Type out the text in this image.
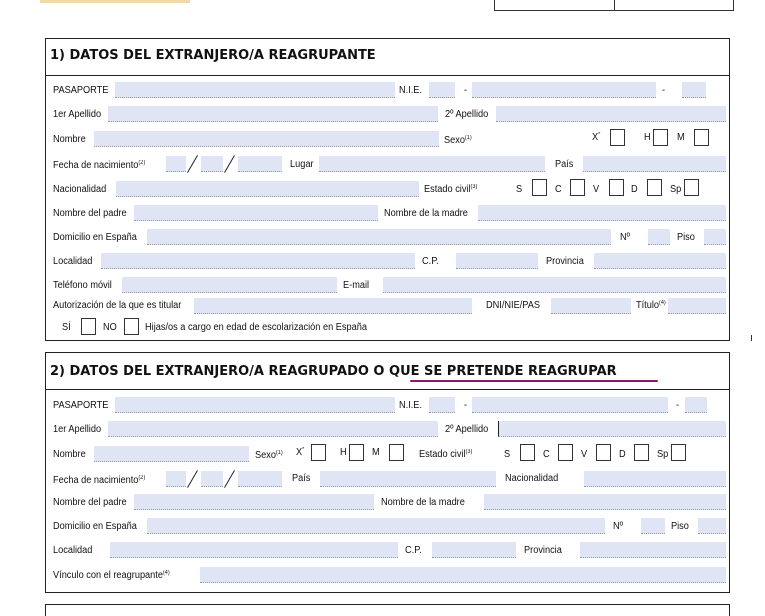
1) DATOS DEL EXTRANJERO/A REAGRUPANTE
PASAPORTE	N.I.E.	-	-
1er Apellido	2º Apellido
Nombre	Sexo$^{(1)}$	X*	H	M
Fecha de nacimiento$^{(2)}$	Lugar	País
Nacionalidad	Estado civil$^{(3)}$	S	C	V	D	Sp
Nombre del padre	Nombre de la madre
Domicilio en España	Nº	Piso
Localidad	C.P.	Provincia
Teléfono móvil	E-mail
Autorización de la que es titular	DNI/NIE/PAS	Título$^{(4)}$
SÍ	NO	Hijas/os a cargo en edad de escolarización en España
2) DATOS DEL EXTRANJERO/A REAGRUPADO O QUE SE PRETENDE REAGRUPAR
PASAPORTE	N.I.E.	-	-
1er Apellido	2º Apellido
Nombre	Sexo$^{(1)}$ X*	H	M	Estado civil$^{(3)}$	S	C	V	D	Sp
Fecha de nacimiento$^{(2)}$	País	Nacionalidad
Nombre del padre	Nombre de la madre
Domicilio en España	Nº	Piso
Localidad	C.P.	Provincia
Vínculo con el reagrupante$^{(4)}$
